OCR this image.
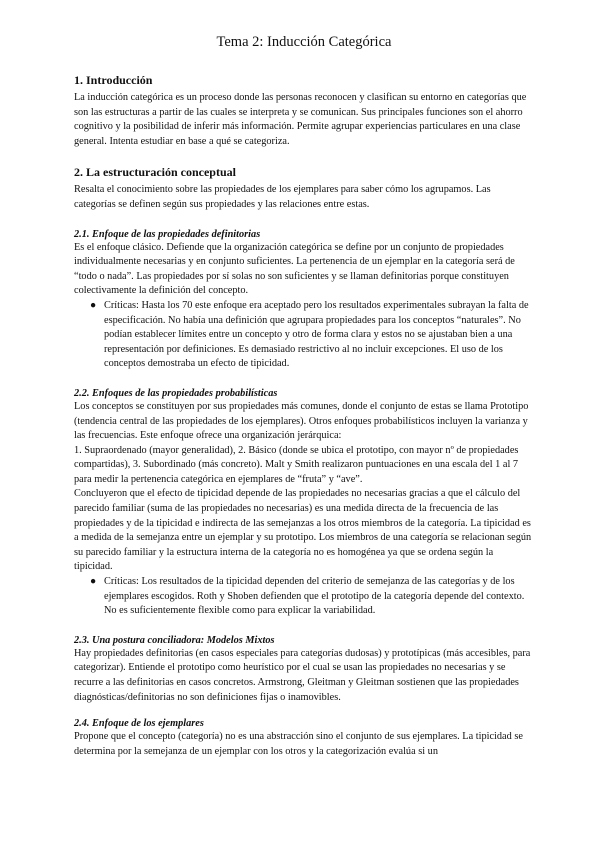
Tema 2: Inducción Categórica
1. Introducción

La inducción categórica es un proceso donde las personas reconocen y clasifican su entorno en categorías que son las estructuras a partir de las cuales se interpreta y se comunican. Sus principales funciones son el ahorro cognitivo y la posibilidad de inferir más información. Permite agrupar experiencias particulares en una clase general. Intenta estudiar en base a qué se categoriza.

2. La estructuración conceptual

Resalta el conocimiento sobre las propiedades de los ejemplares para saber cómo los agrupamos. Las categorías se definen según sus propiedades y las relaciones entre estas.

2.1. Enfoque de las propiedades definitorias

Es el enfoque clásico. Defiende que la organización categórica se define por un conjunto de propiedades individualmente necesarias y en conjunto suficientes. La pertenencia de un ejemplar en la categoría será de “todo o nada”. Las propiedades por sí solas no son suficientes y se llaman definitorias porque constituyen colectivamente la definición del concepto.

● Críticas: Hasta los 70 este enfoque era aceptado pero los resultados experimentales subrayan la falta de especificación. No había una definición que agrupara propiedades para los conceptos “naturales”. No podían establecer límites entre un concepto y otro de forma clara y estos no se ajustaban bien a una representación por definiciones. Es demasiado restrictivo al no incluir excepciones. El uso de los conceptos demostraba un efecto de tipicidad.
2.2. Enfoques de las propiedades probabilísticas

Los conceptos se constituyen por sus propiedades más comunes, donde el conjunto de estas se llama Prototipo (tendencia central de las propiedades de los ejemplares). Otros enfoques probabilísticos incluyen la varianza y las frecuencias. Este enfoque ofrece una organización jerárquica:

1. Supraordenado (mayor generalidad), 2. Básico (donde se ubica el prototipo, con mayor nº de propiedades compartidas), 3. Subordinado (más concreto). Malt y Smith realizaron puntuaciones en una escala del 1 al 7 para medir la pertenencia categórica en ejemplares de “fruta” y “ave”.

Concluyeron que el efecto de tipicidad depende de las propiedades no necesarias gracias a que el cálculo del parecido familiar (suma de las propiedades no necesarias) es una medida directa de la frecuencia de las propiedades y de la tipicidad e indirecta de las semejanzas a los otros miembros de la categoría. La tipicidad es a medida de la semejanza entre un ejemplar y su prototipo. Los miembros de una categoría se relacionan según su parecido familiar y la estructura interna de la categoría no es homogénea ya que se ordena según la tipicidad.

● Críticas: Los resultados de la tipicidad dependen del criterio de semejanza de las categorías y de los ejemplares escogidos. Roth y Shoben defienden que el prototipo de la categoría depende del contexto. No es suficientemente flexible como para explicar la variabilidad.
2.3. Una postura conciliadora: Modelos Mixtos

Hay propiedades definitorias (en casos especiales para categorías dudosas) y prototípicas (más accesibles, para categorizar). Entiende el prototipo como heurístico por el cual se usan las propiedades no necesarias y se recurre a las definitorias en casos concretos. Armstrong, Gleitman y Gleitman sostienen que las propiedades diagnósticas/definitorias no son definiciones fijas o inamovibles.

2.4. Enfoque de los ejemplares

Propone que el concepto (categoría) no es una abstracción sino el conjunto de sus ejemplares. La tipicidad se determina por la semejanza de un ejemplar con los otros y la categorización evalúa si un
